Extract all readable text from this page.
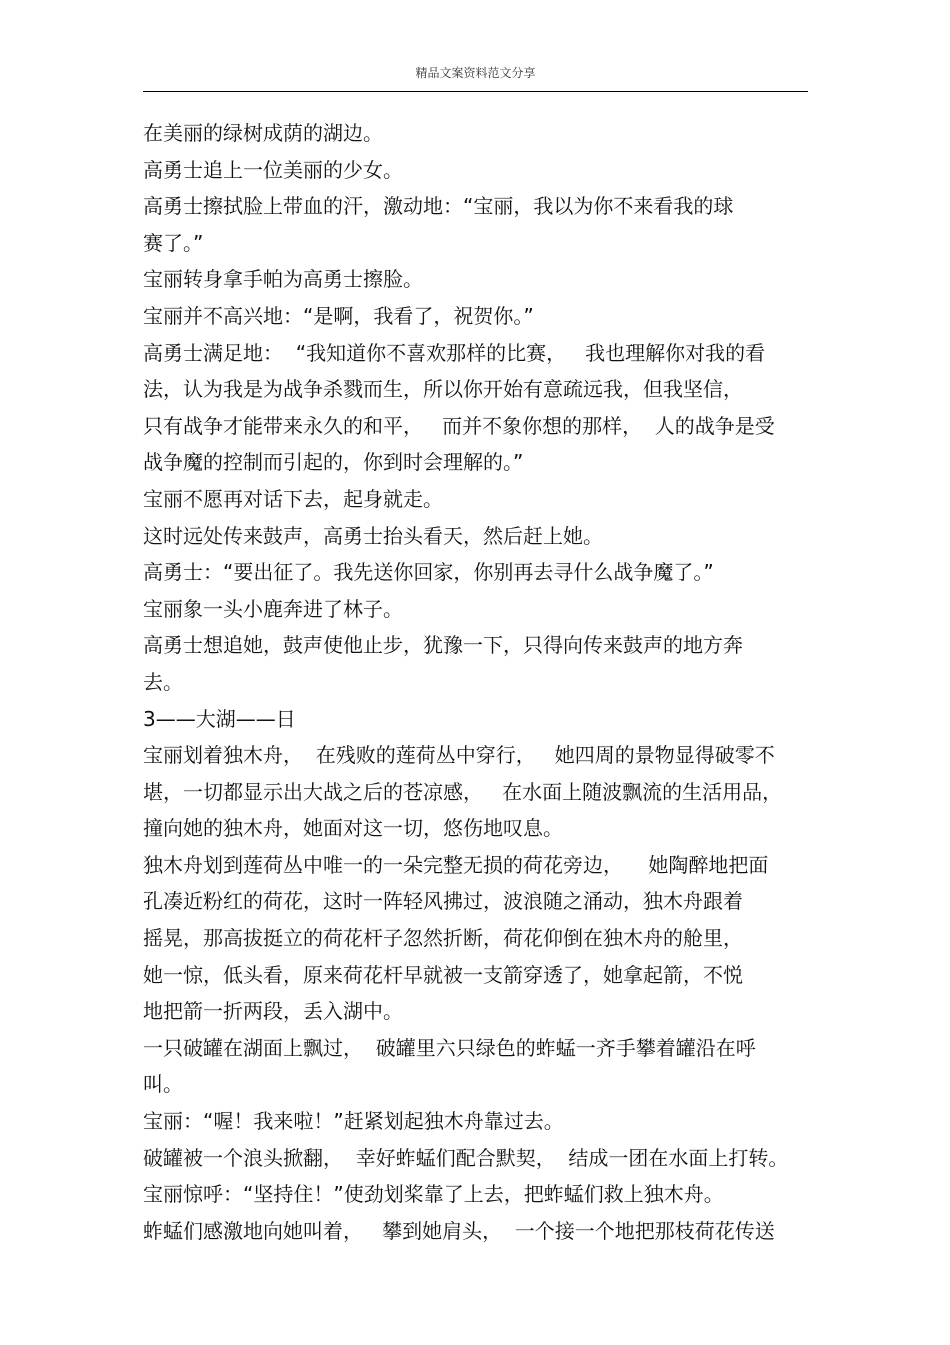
精品文案资料范文分享
在美丽的绿树成荫的湖边。
高勇士追上一位美丽的少女。
高勇士擦拭脸上带血的汗，激动地：“宝丽，我以为你不来看我的球
赛了。”
宝丽转身拿手帕为高勇士擦脸。
宝丽并不高兴地：“是啊，我看了，祝贺你。”
高勇士满足地：  “我知道你不喜欢那样的比赛，   我也理解你对我的看
法，认为我是为战争杀戮而生，所以你开始有意疏远我，但我坚信，
只有战争才能带来永久的和平，   而并不象你想的那样，  人的战争是受
战争魔的控制而引起的，你到时会理解的。”
宝丽不愿再对话下去，起身就走。
这时远处传来鼓声，高勇士抬头看天，然后赶上她。
高勇士：“要出征了。我先送你回家，你别再去寻什么战争魔了。”
宝丽象一头小鹿奔进了林子。
高勇士想追她，鼓声使他止步，犹豫一下，只得向传来鼓声的地方奔
去。
3——大湖——日
宝丽划着独木舟，  在残败的莲荷丛中穿行，   她四周的景物显得破零不
堪，一切都显示出大战之后的苍凉感，   在水面上随波飘流的生活用品，
撞向她的独木舟，她面对这一切，悠伤地叹息。
独木舟划到莲荷丛中唯一的一朵完整无损的荷花旁边，    她陶醉地把面
孔凑近粉红的荷花，这时一阵轻风拂过，波浪随之涌动，独木舟跟着
摇晃，那高拔挺立的荷花杆子忽然折断，荷花仰倒在独木舟的舱里，
她一惊，低头看，原来荷花杆早就被一支箭穿透了，她拿起箭，不悦
地把箭一折两段，丢入湖中。
一只破罐在湖面上飘过，  破罐里六只绿色的蚱蜢一齐手攀着罐沿在呼
叫。
宝丽：“喔！我来啦！”赶紧划起独木舟靠过去。
破罐被一个浪头掀翻，  幸好蚱蜢们配合默契，  结成一团在水面上打转。
宝丽惊呼：“坚持住！”使劲划桨靠了上去，把蚱蜢们救上独木舟。
蚱蜢们感激地向她叫着，   攀到她肩头，  一个接一个地把那枝荷花传送
